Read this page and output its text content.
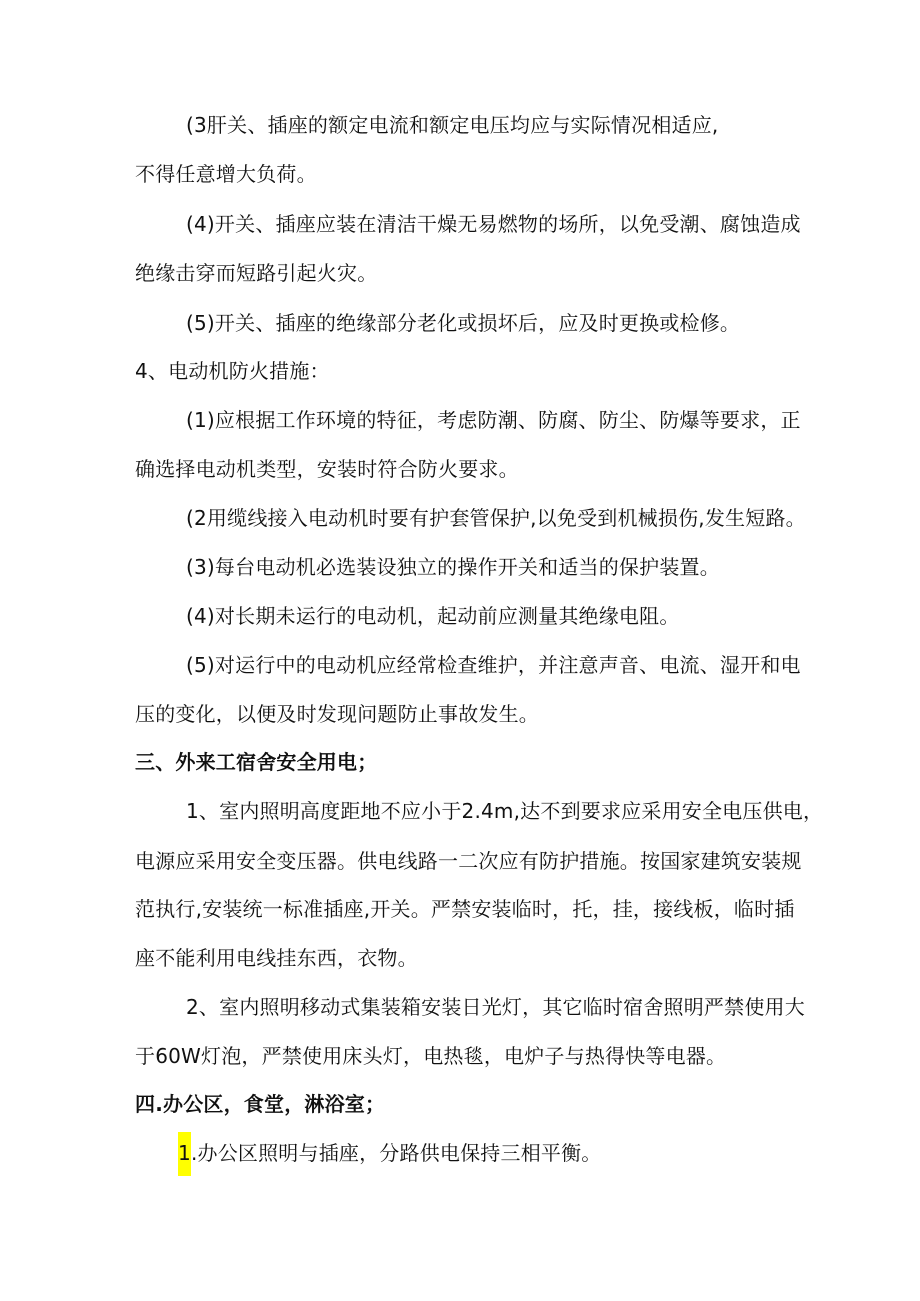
(3肝关、插座的额定电流和额定电压均应与实际情况相适应,
不得任意增大负荷。
(4)开关、插座应装在清洁干燥无易燃物的场所，以免受潮、腐蚀造成
绝缘击穿而短路引起火灾。
(5)开关、插座的绝缘部分老化或损坏后，应及时更换或检修。
4、电动机防火措施：
(1)应根据工作环境的特征，考虑防潮、防腐、防尘、防爆等要求，正
确选择电动机类型，安装时符合防火要求。
(2用缆线接入电动机时要有护套管保护,以免受到机械损伤,发生短路。
(3)每台电动机必选装设独立的操作开关和适当的保护装置。
(4)对长期未运行的电动机，起动前应测量其绝缘电阻。
(5)对运行中的电动机应经常检查维护，并注意声音、电流、湿开和电
压的变化，以便及时发现问题防止事故发生。
三、外来工宿舍安全用电；
1、室内照明高度距地不应小于2.4m,达不到要求应采用安全电压供电，
电源应采用安全变压器。供电线路一二次应有防护措施。按国家建筑安装规
范执行,安装统一标准插座,开关。严禁安装临时，托，挂，接线板，临时插
座不能利用电线挂东西，衣物。
2、室内照明移动式集装箱安装日光灯，其它临时宿舍照明严禁使用大
于60W灯泡，严禁使用床头灯，电热毯，电炉子与热得快等电器。
四.办公区，食堂，淋浴室；
1.办公区照明与插座，分路供电保持三相平衡。
